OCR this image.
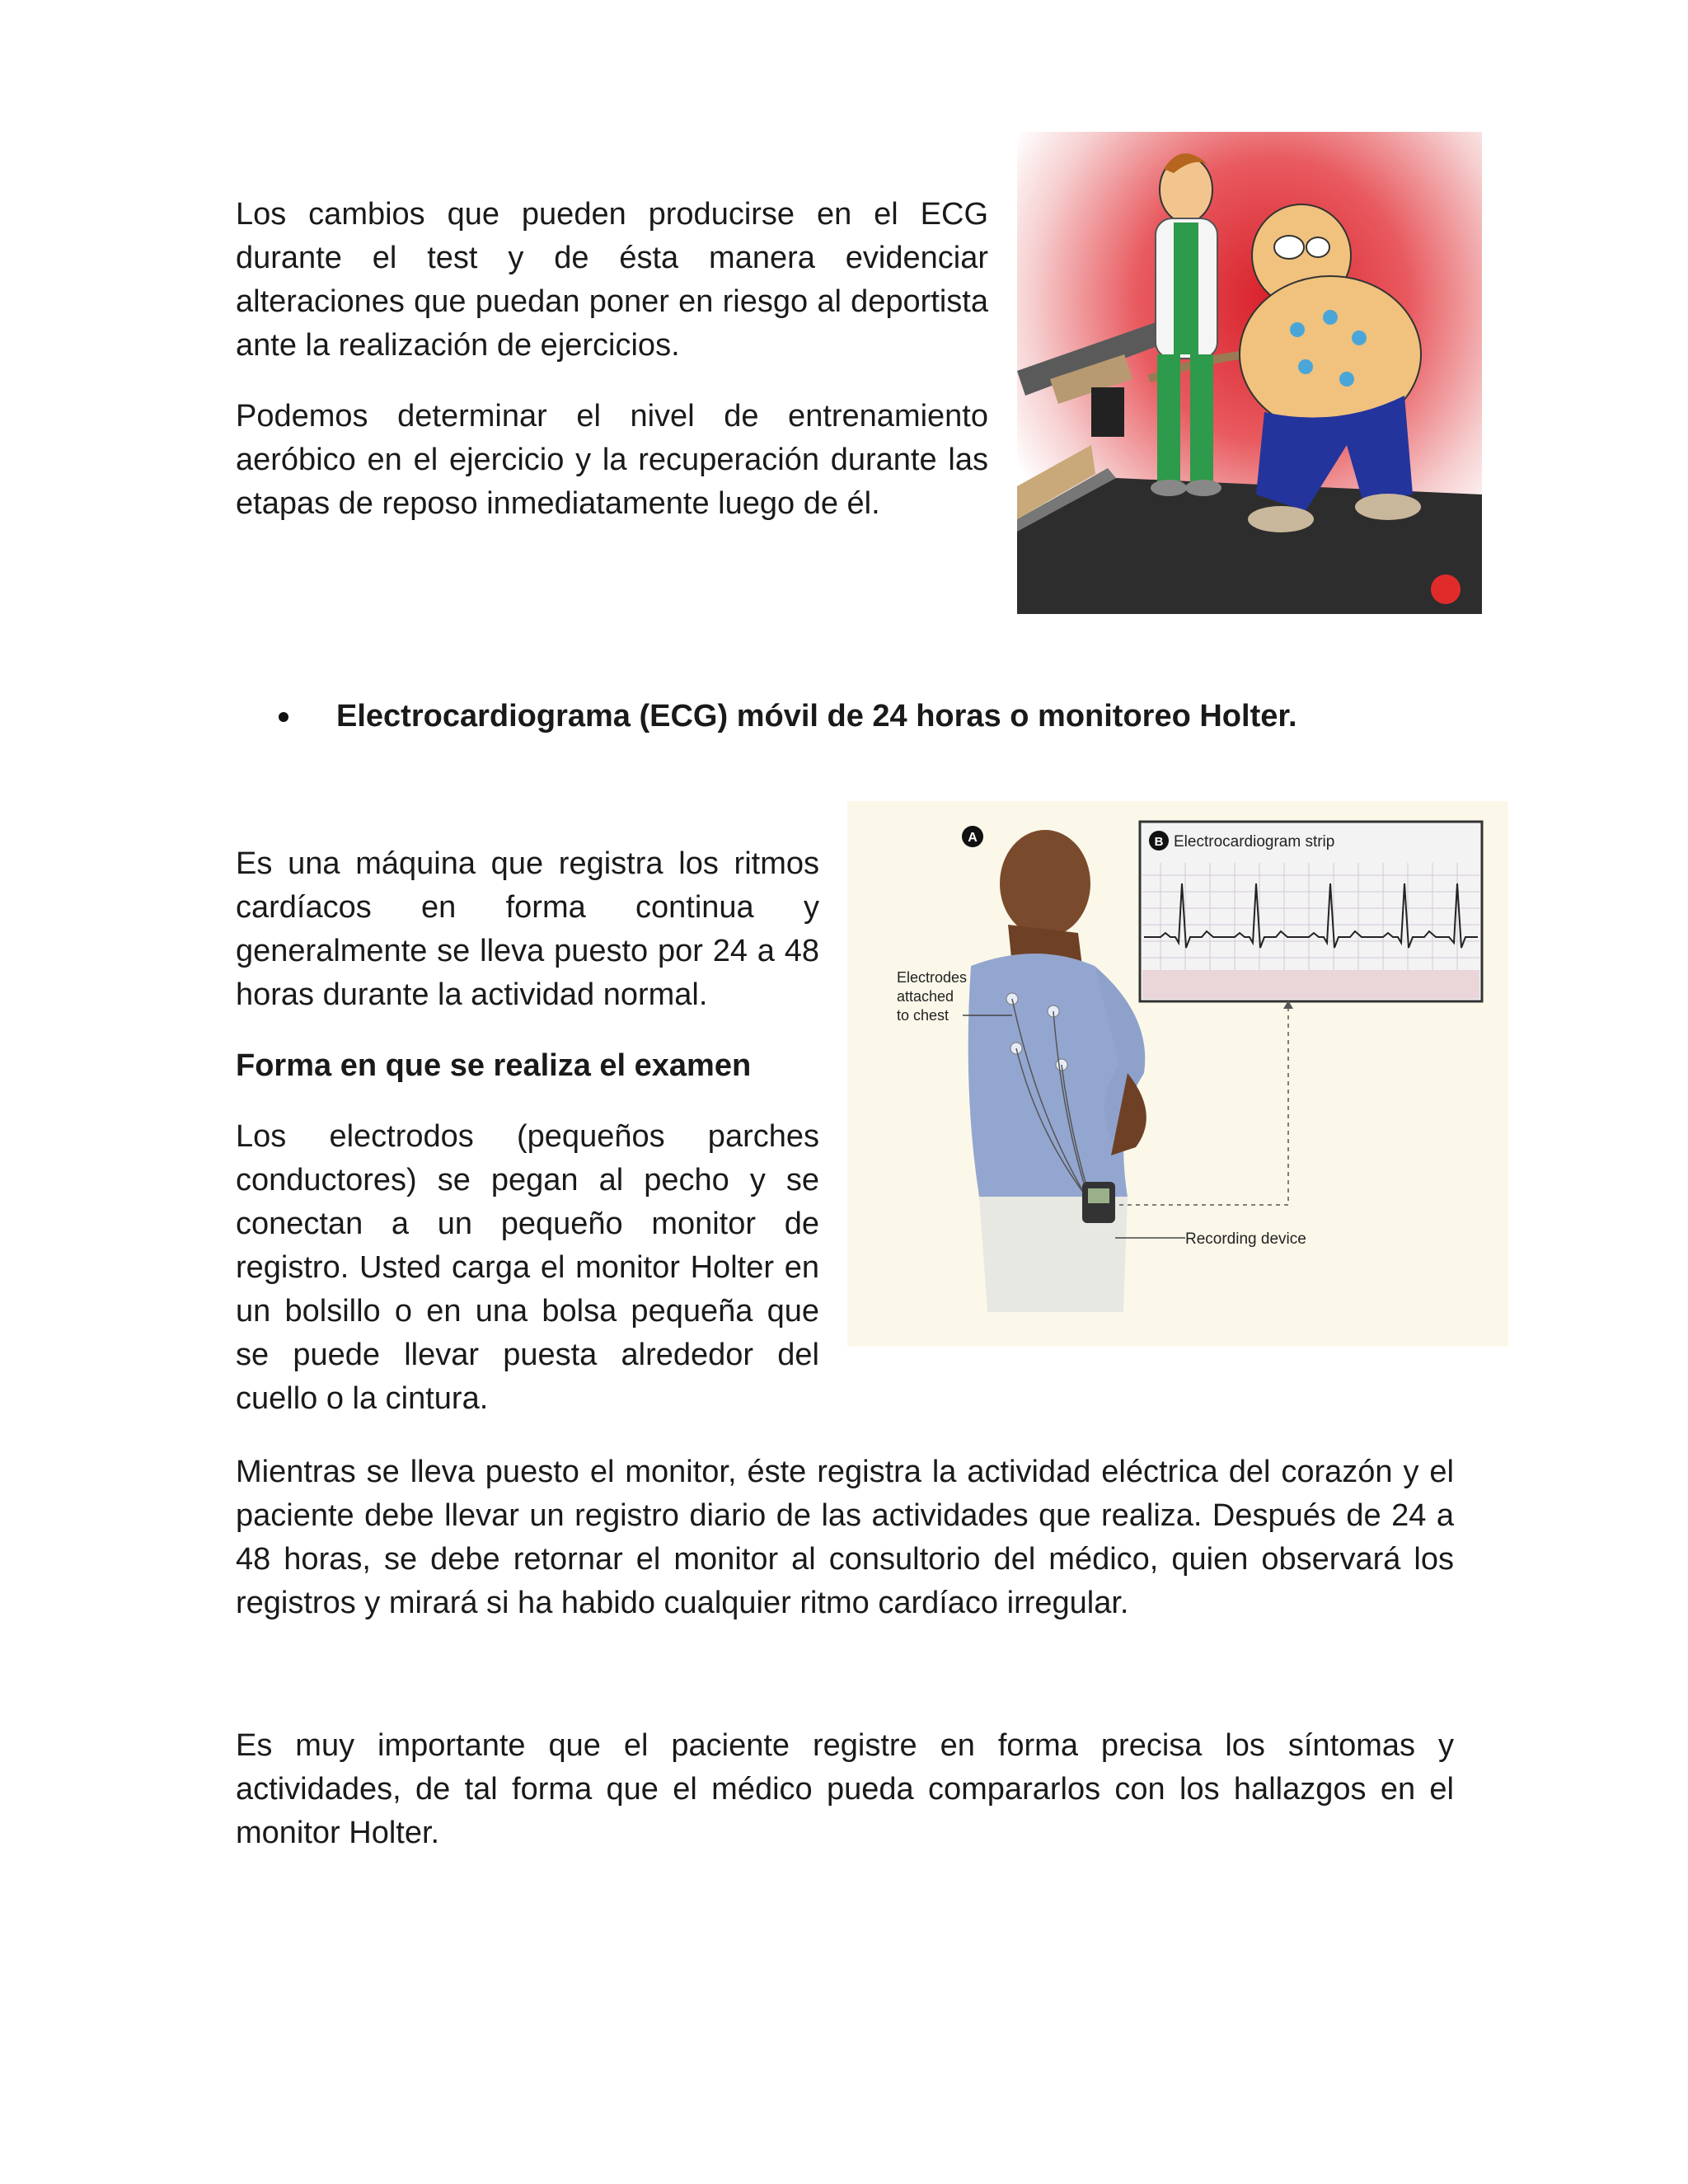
Los cambios que pueden producirse en el ECG durante el test y de ésta manera evidenciar alteraciones que puedan poner en riesgo al deportista ante la realización de ejercicios.

Podemos determinar el nivel de entrenamiento aeróbico en el ejercicio y la recuperación durante las etapas de reposo inmediatamente luego de él.

Electrocardiograma (ECG) móvil de 24 horas o monitoreo Holter.

Es una máquina que registra los ritmos cardíacos en forma continua y generalmente se lleva puesto por 24 a 48 horas durante la actividad normal.

Forma en que se realiza el examen

Los electrodos (pequeños parches conductores) se pegan al pecho y se conectan a un pequeño monitor de registro. Usted carga el monitor Holter en un bolsillo o en una bolsa pequeña que se puede llevar puesta alrededor del cuello o la cintura.

A	B Electrocardiogram strip
Electrodes
attached
to chest
Recording device

Mientras se lleva puesto el monitor, éste registra la actividad eléctrica del corazón y el paciente debe llevar un registro diario de las actividades que realiza. Después de 24 a 48 horas, se debe retornar el monitor al consultorio del médico, quien observará los registros y mirará si ha habido cualquier ritmo cardíaco irregular.

Es muy importante que el paciente registre en forma precisa los síntomas y actividades, de tal forma que el médico pueda compararlos con los hallazgos en el monitor Holter.
